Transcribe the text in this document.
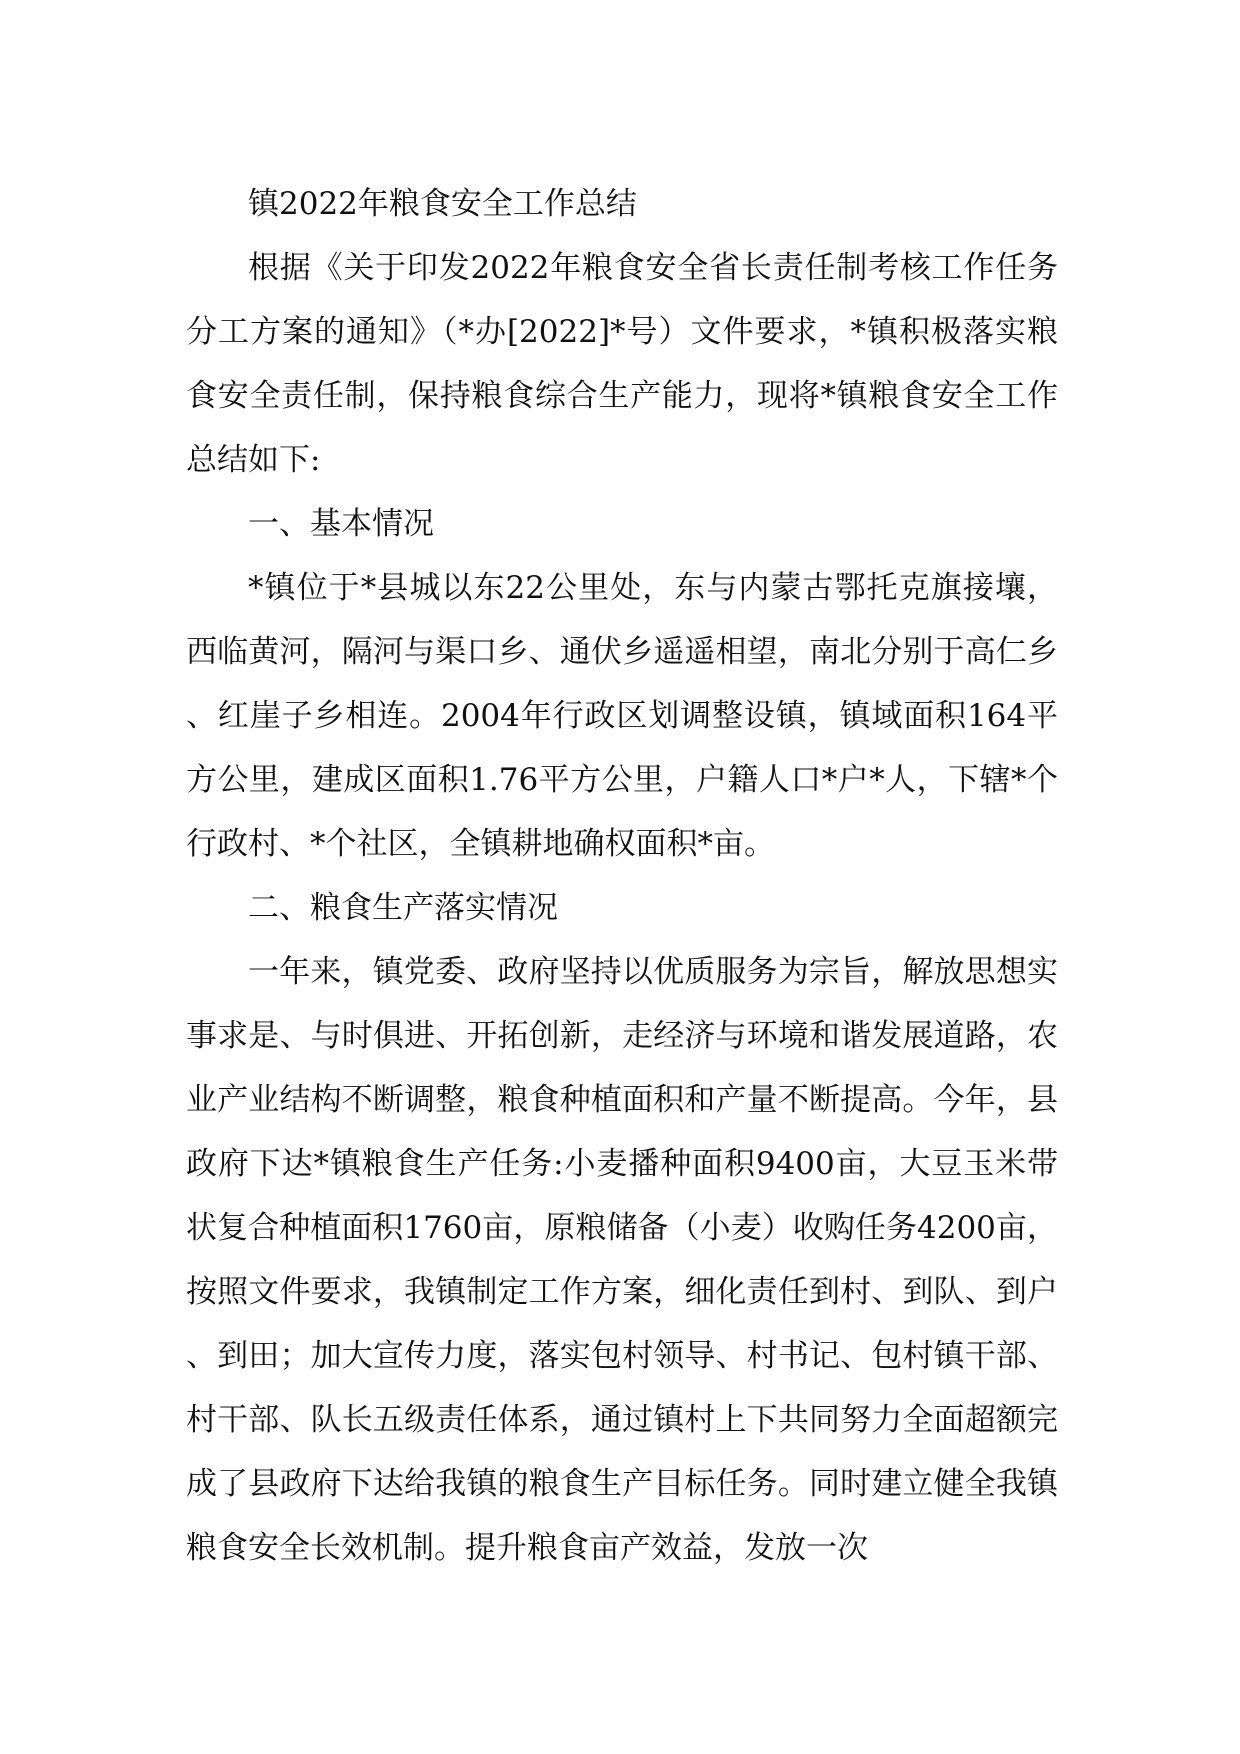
镇2022年粮食安全工作总结

根据《关于印发2022年粮食安全省长责任制考核工作任务分工方案的通知》（*办[2022]*号）文件要求，*镇积极落实粮食安全责任制，保持粮食综合生产能力，现将*镇粮食安全工作总结如下:

一、基本情况

*镇位于*县城以东22公里处，东与内蒙古鄂托克旗接壤，西临黄河，隔河与渠口乡、通伏乡遥遥相望，南北分别于高仁乡、红崖子乡相连。2004年行政区划调整设镇，镇域面积164平方公里，建成区面积1.76平方公里，户籍人口*户*人，下辖*个行政村、*个社区，全镇耕地确权面积*亩。

二、粮食生产落实情况

一年来，镇党委、政府坚持以优质服务为宗旨，解放思想实事求是、与时俱进、开拓创新，走经济与环境和谐发展道路，农业产业结构不断调整，粮食种植面积和产量不断提高。今年，县政府下达*镇粮食生产任务:小麦播种面积9400亩，大豆玉米带状复合种植面积1760亩，原粮储备（小麦）收购任务4200亩，按照文件要求，我镇制定工作方案，细化责任到村、到队、到户、到田；加大宣传力度，落实包村领导、村书记、包村镇干部、村干部、队长五级责任体系，通过镇村上下共同努力全面超额完成了县政府下达给我镇的粮食生产目标任务。同时建立健全我镇粮食安全长效机制。提升粮食亩产效益，发放一次
